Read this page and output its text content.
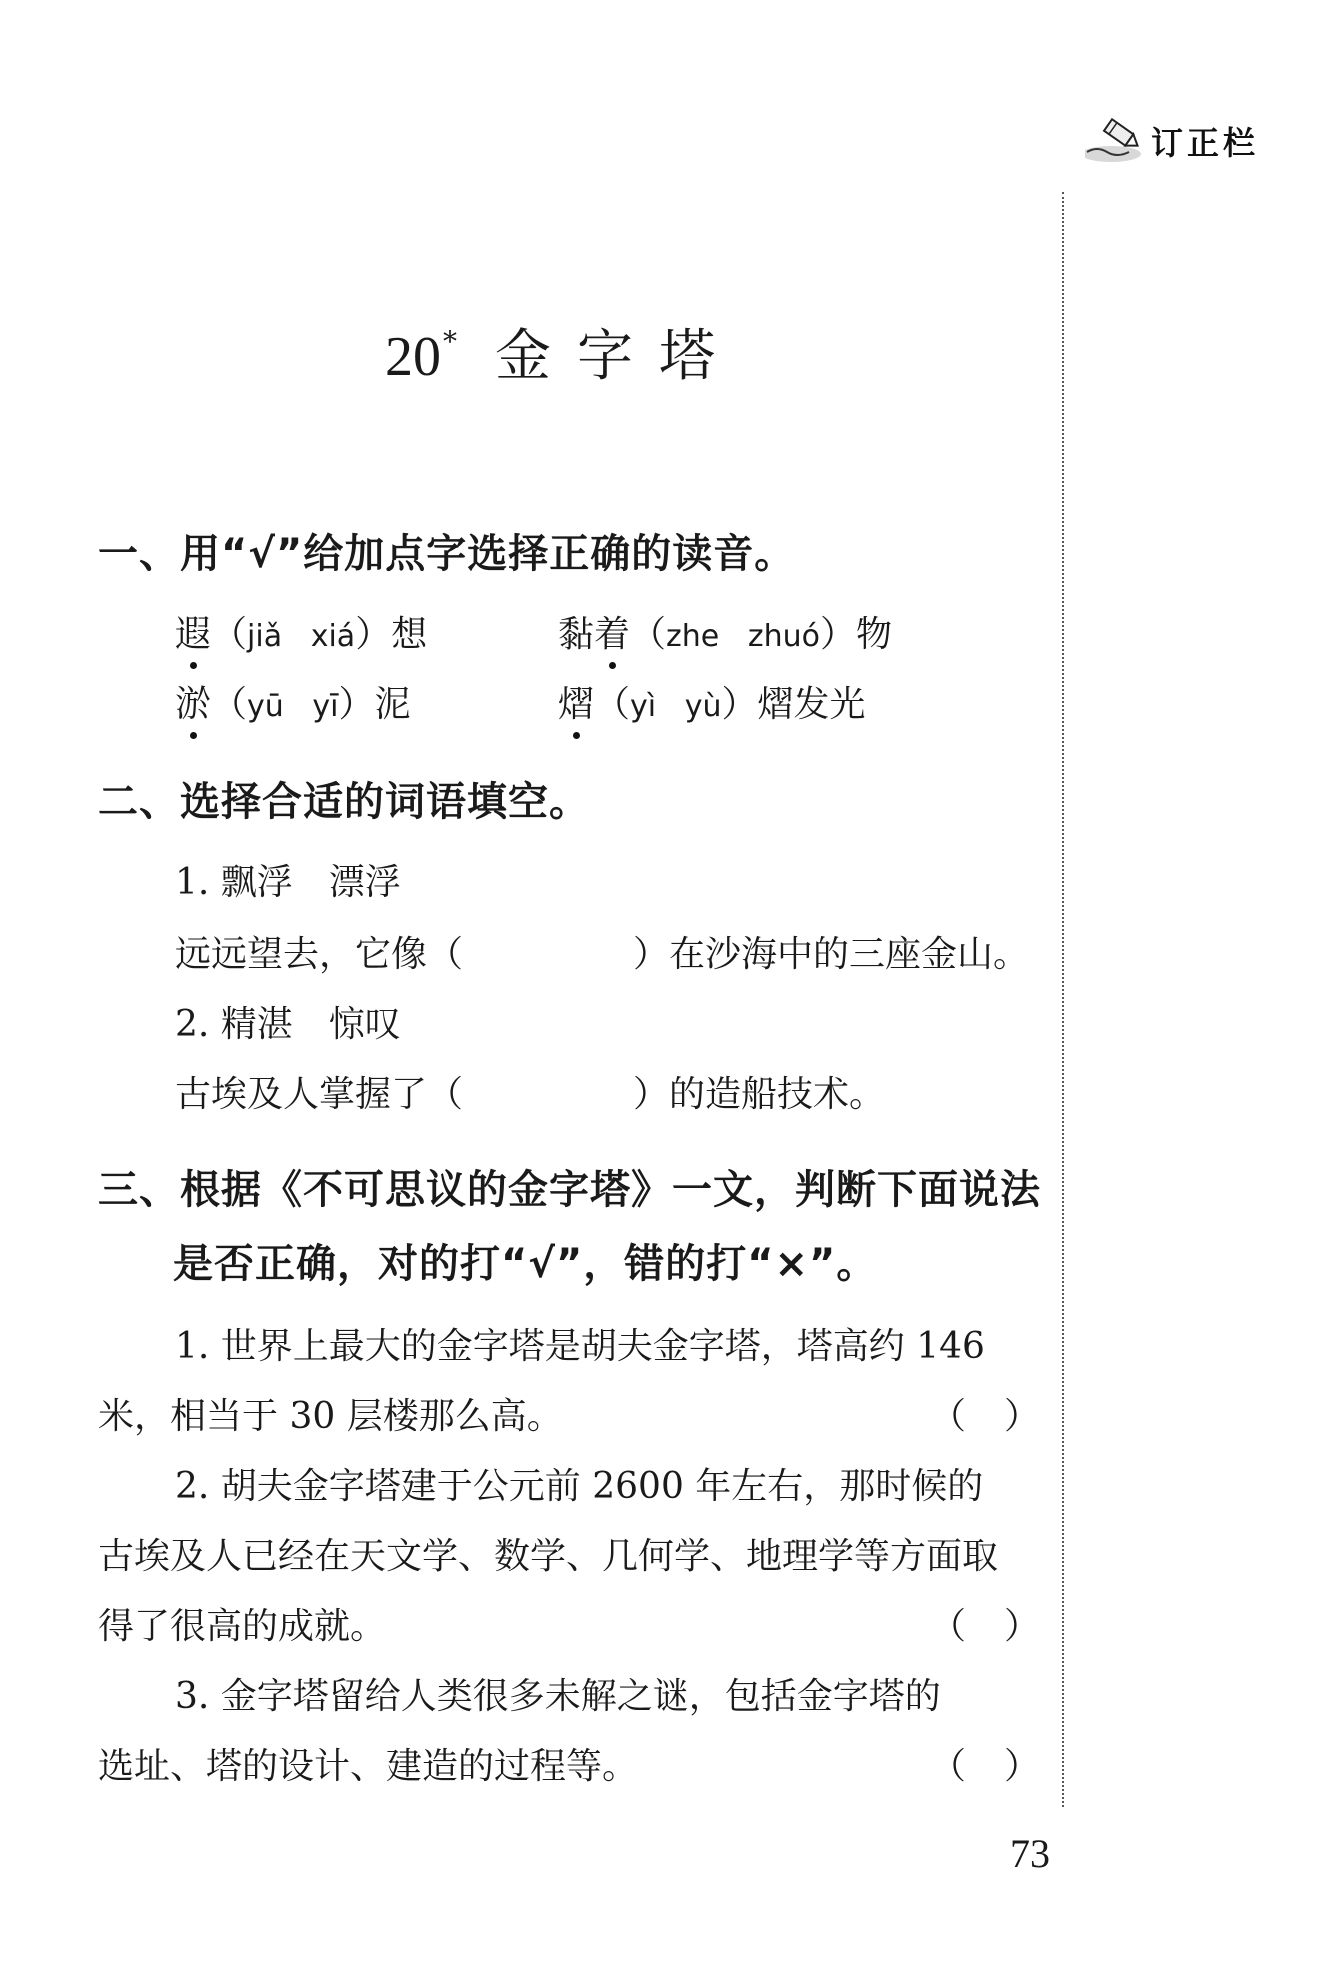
订正栏
20* 金字塔
一、用“√”给加点字选择正确的读音。
遐（jiǎ xiá）想	黏着（zhe zhuó）物
淤（yū yī）泥	熠（yì yù）熠发光
二、选择合适的词语填空。
1. 飘浮　漂浮
远远望去，它像（	）在沙海中的三座金山。
2. 精湛　惊叹
古埃及人掌握了（	）的造船技术。
三、根据《不可思议的金字塔》一文，判断下面说法
是否正确，对的打“√”，错的打“×”。
1. 世界上最大的金字塔是胡夫金字塔，塔高约 146
米，相当于 30 层楼那么高。	（ ）
2. 胡夫金字塔建于公元前 2600 年左右，那时候的
古埃及人已经在天文学、数学、几何学、地理学等方面取
得了很高的成就。	（ ）
3. 金字塔留给人类很多未解之谜，包括金字塔的
选址、塔的设计、建造的过程等。	（ ）
73
